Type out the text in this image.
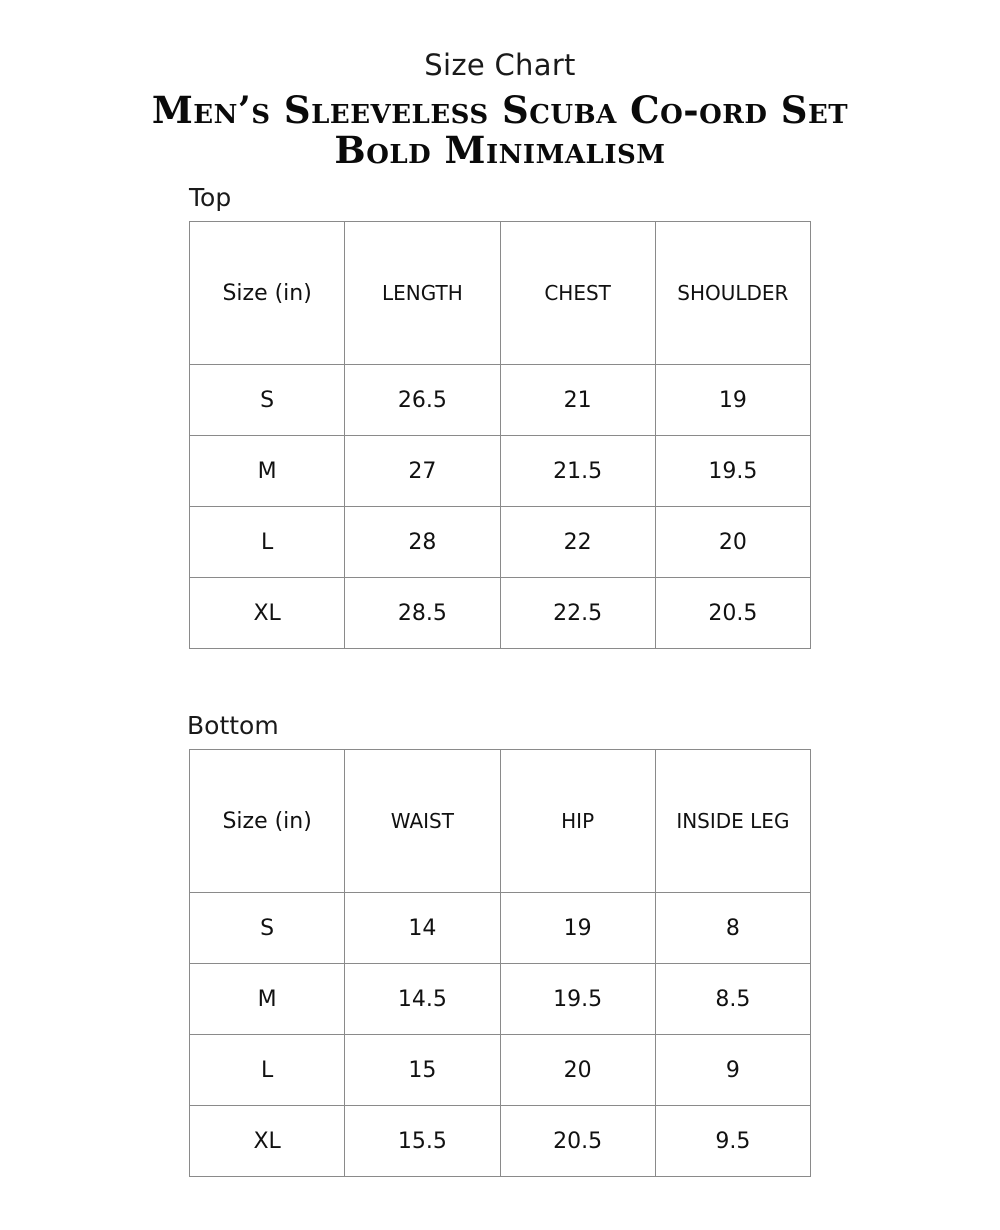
Size Chart
Men’s Sleeveless Scuba Co-ord Set
Bold Minimalism
Top
Size (in)	LENGTH	CHEST	SHOULDER
S	26.5	21	19
M	27	21.5	19.5
L	28	22	20
XL	28.5	22.5	20.5
Bottom
Size (in)	WAIST	HIP	INSIDE LEG
S	14	19	8
M	14.5	19.5	8.5
L	15	20	9
XL	15.5	20.5	9.5
